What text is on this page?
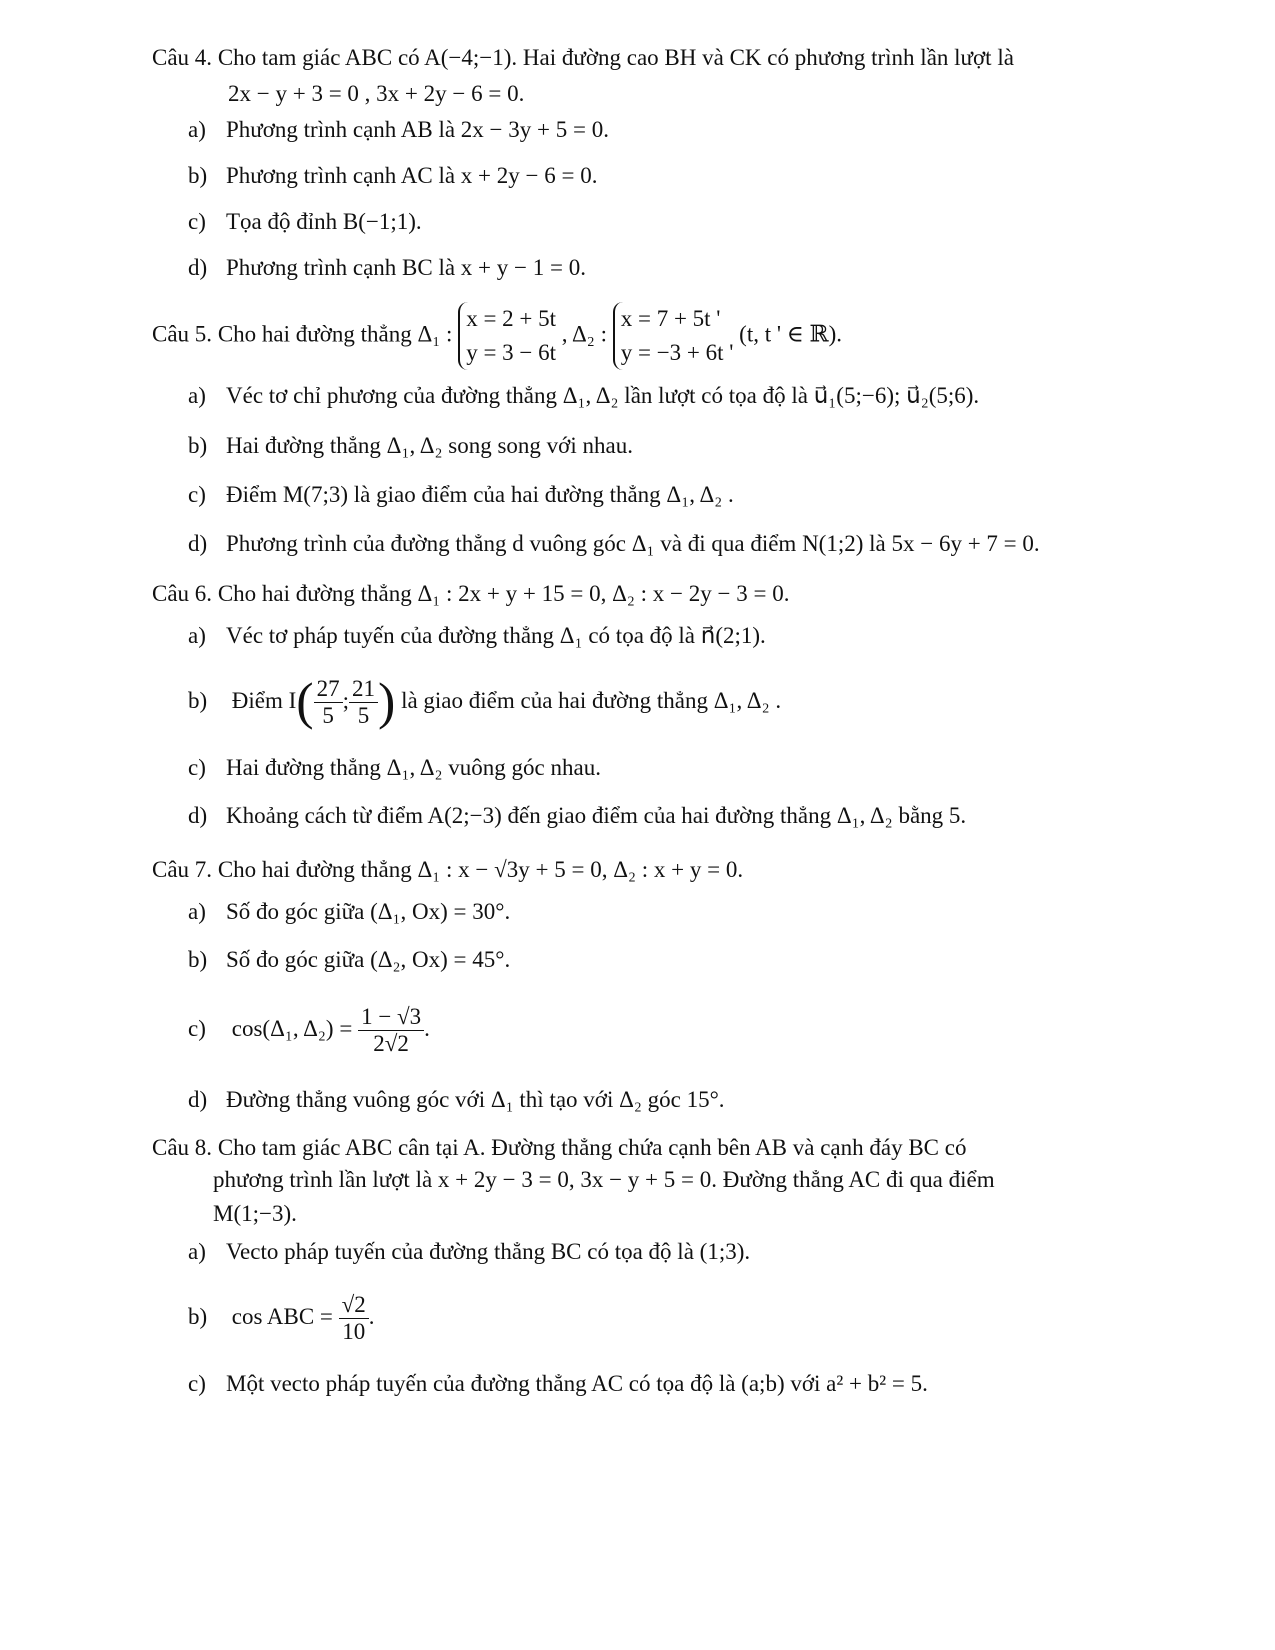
Câu 4. Cho tam giác ABC có A(−4;−1). Hai đường cao BH và CK có phương trình lần lượt là
2x − y + 3 = 0 , 3x + 2y − 6 = 0.
a) Phương trình cạnh AB là 2x − 3y + 5 = 0.
b) Phương trình cạnh AC là x + 2y − 6 = 0.
c) Tọa độ đỉnh B(−1;1).
d) Phương trình cạnh BC là x + y − 1 = 0.
Câu 5. Cho hai đường thẳng Δ₁ :
x = 2 + 5t
y = 3 − 6t
, Δ₂ :
x = 7 + 5t '
y = −3 + 6t '
(t, t ' ∈ ℝ).
a) Véc tơ chỉ phương của đường thẳng Δ₁, Δ₂ lần lượt có tọa độ là u⃗₁(5;−6); u⃗₂(5;6).
b) Hai đường thẳng Δ₁, Δ₂ song song với nhau.
c) Điểm M(7;3) là giao điểm của hai đường thẳng Δ₁, Δ₂ .
d) Phương trình của đường thẳng d vuông góc Δ₁ và đi qua điểm N(1;2) là 5x − 6y + 7 = 0.
Câu 6. Cho hai đường thẳng Δ₁ : 2x + y + 15 = 0, Δ₂ : x − 2y − 3 = 0.
a) Véc tơ pháp tuyến của đường thẳng Δ₁ có tọa độ là n⃗(2;1).
b) Điểm $I( \frac{27}{5}$ ; $\frac{21}{5}$ ) là giao điểm của hai đường thẳng Δ₁, Δ₂ .
c) Hai đường thẳng Δ₁, Δ₂ vuông góc nhau.
d) Khoảng cách từ điểm A(2;−3) đến giao điểm của hai đường thẳng Δ₁, Δ₂ bằng 5.
Câu 7. Cho hai đường thẳng Δ₁ : x − √3y + 5 = 0, Δ₂ : x + y = 0.
a) Số đo góc giữa (Δ₁, Ox) = 30°.
b) Số đo góc giữa (Δ₂, Ox) = 45°.
c) cos(Δ₁, $\Delta_2) = \frac{1 - √3}{2√2}$ .
d) Đường thẳng vuông góc với Δ₁ thì tạo với Δ₂ góc 15°.
Câu 8. Cho tam giác ABC cân tại A. Đường thẳng chứa cạnh bên AB và cạnh đáy BC có
phương trình lần lượt là x + 2y − 3 = 0, 3x − y + 5 = 0. Đường thẳng AC đi qua điểm
M(1;−3).
a) Vecto pháp tuyến của đường thẳng BC có tọa độ là (1;3).
b) cos ABC = $\frac{√2}{10}$ .
c) Một vecto pháp tuyến của đường thẳng AC có tọa độ là (a;b) với a² + b² = 5.
